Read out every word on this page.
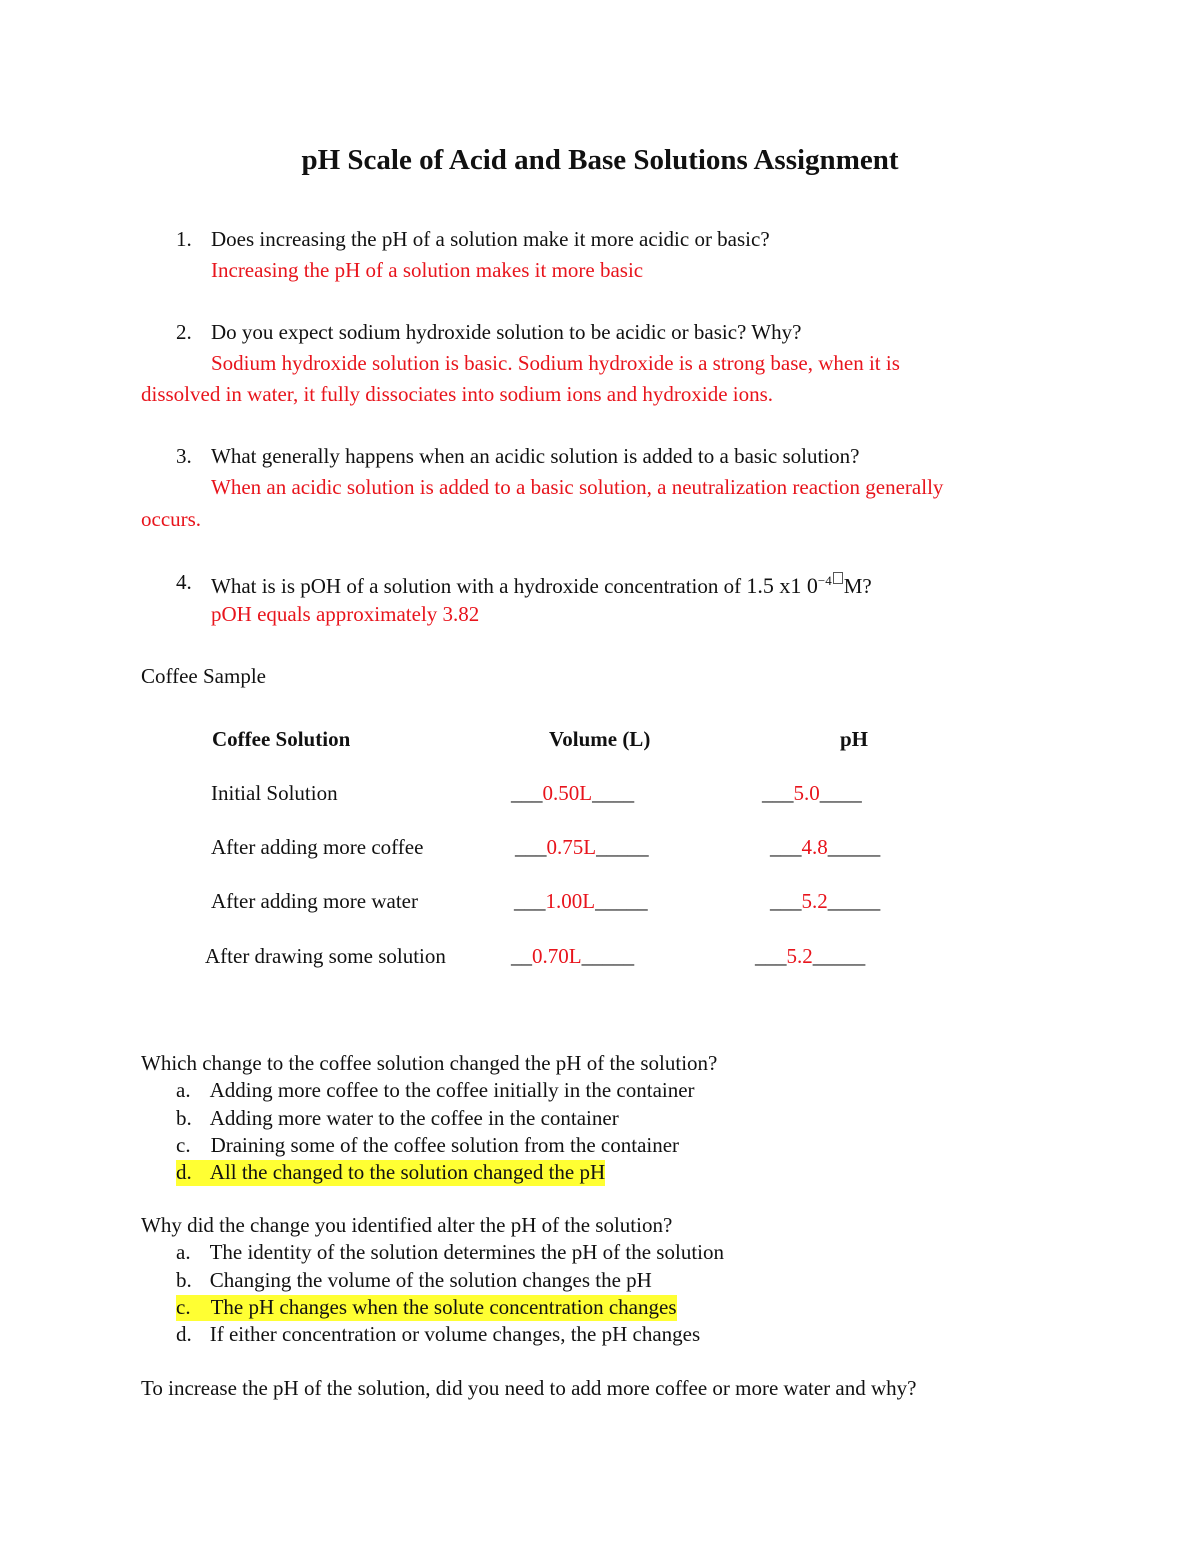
pH Scale of Acid and Base Solutions Assignment
1. Does increasing the pH of a solution make it more acidic or basic?
Increasing the pH of a solution makes it more basic
2. Do you expect sodium hydroxide solution to be acidic or basic? Why?
Sodium hydroxide solution is basic. Sodium hydroxide is a strong base, when it is
dissolved in water, it fully dissociates into sodium ions and hydroxide ions.
3. What generally happens when an acidic solution is added to a basic solution?
When an acidic solution is added to a basic solution, a neutralization reaction generally
occurs.
4. What is is pOH of a solution with a hydroxide concentration of 1.5 x1 $0^{-4}$ M?
pOH equals approximately 3.82
Coffee Sample
Coffee Solution	Volume (L)	pH
Initial Solution	___0.50L____	___5.0____
After adding more coffee	___0.75L_____	___4.8_____
After adding more water	___1.00L_____	___5.2_____
After drawing some solution	__0.70L_____	___5.2_____
Which change to the coffee solution changed the pH of the solution?
a. Adding more coffee to the coffee initially in the container
b. Adding more water to the coffee in the container
c. Draining some of the coffee solution from the container
d. All the changed to the solution changed the pH
Why did the change you identified alter the pH of the solution?
a. The identity of the solution determines the pH of the solution
b. Changing the volume of the solution changes the pH
c. The pH changes when the solute concentration changes
d. If either concentration or volume changes, the pH changes
To increase the pH of the solution, did you need to add more coffee or more water and why?
